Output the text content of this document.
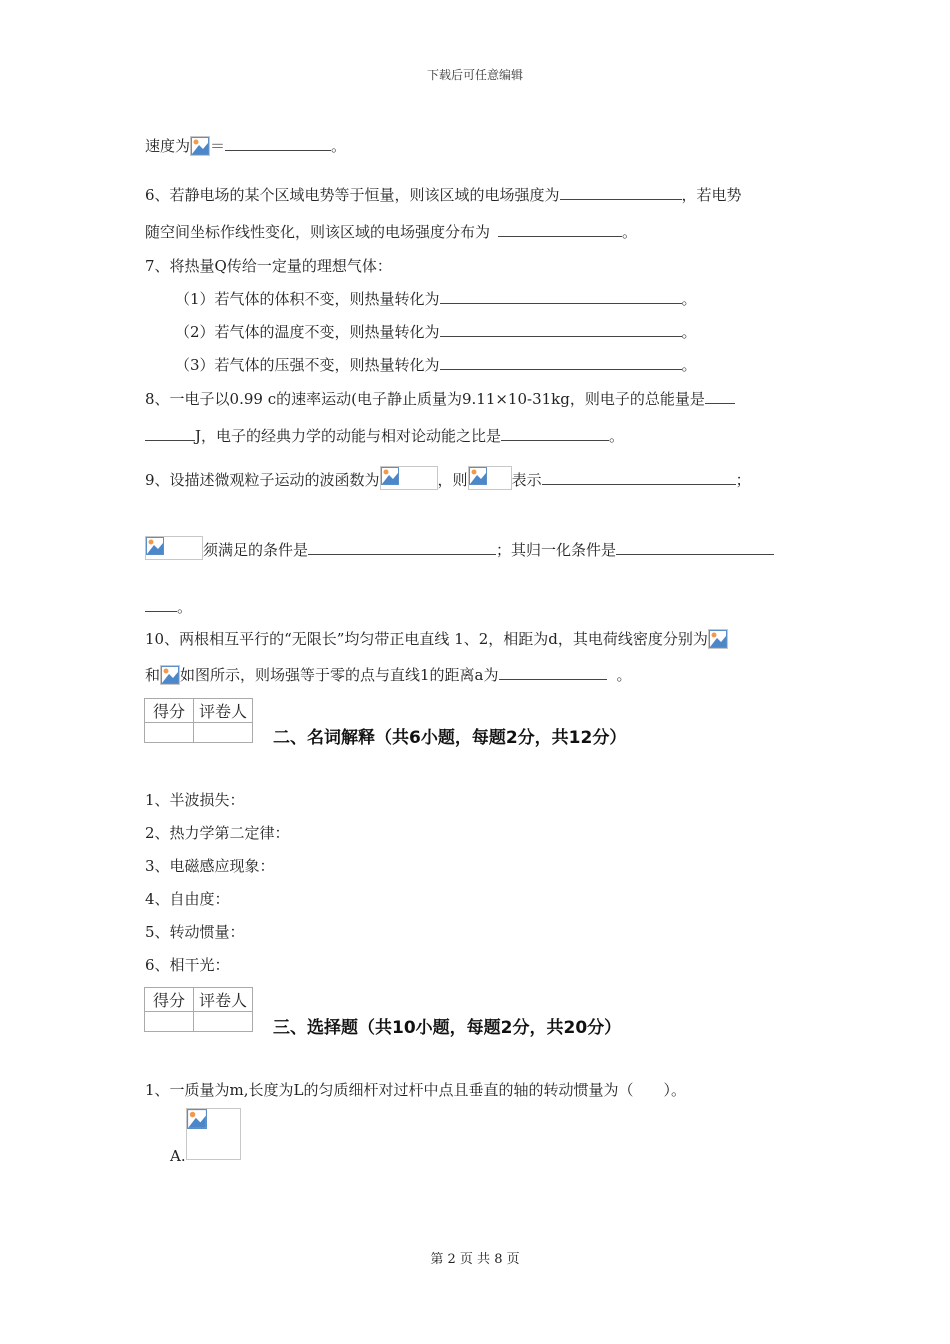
下载后可任意编辑
速度为 ＝	。
6、若静电场的某个区域电势等于恒量，则该区域的电场强度为	，若电势
随空间坐标作线性变化，则该区域的电场强度分布为	。
7、将热量Q传给一定量的理想气体：
（1）若气体的体积不变，则热量转化为	。
（2）若气体的温度不变，则热量转化为	。
（3）若气体的压强不变，则热量转化为	。
8、一电子以0.99 c的速率运动(电子静止质量为9.11×10-31kg，则电子的总能量是
J，电子的经典力学的动能与相对论动能之比是	。
9、设描述微观粒子运动的波函数为	，则	表示	；
须满足的条件是	；其归一化条件是
。
10、两根相互平行的“无限长”均匀带正电直线 1、2，相距为d，其电荷线密度分别为
和 如图所示，则场强等于零的点与直线1的距离a为	。
得分	评卷人

二、名词解释（共6小题，每题2分，共12分）
1、半波损失：
2、热力学第二定律：
3、电磁感应现象：
4、自由度：
5、转动惯量：
6、相干光：
得分	评卷人

三、选择题（共10小题，每题2分，共20分）
1、一质量为m,长度为L的匀质细杆对过杆中点且垂直的轴的转动惯量为（　　）。
A.
第 2 页 共 8 页
